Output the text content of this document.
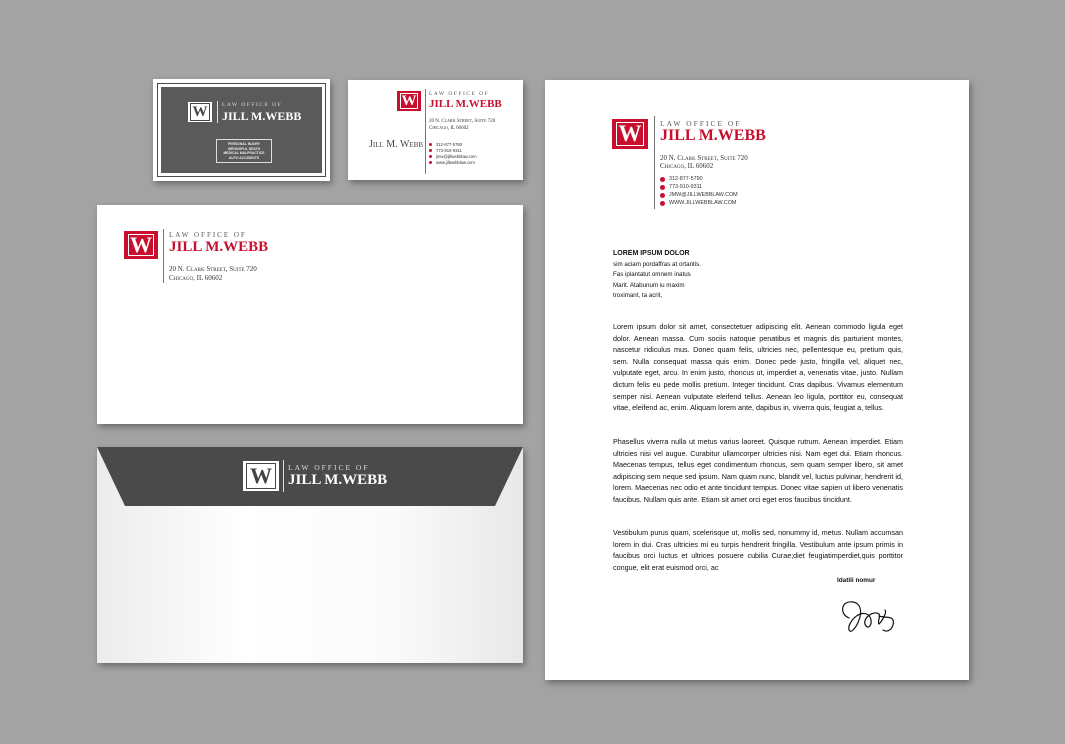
W	LAW OFFICE OF
JILL M.WEBB
PERSONAL INJURY
WRONGFUL DEATH
MEDICAL MALPRACTICE
AUTO ACCIDENTS
W LAW OFFICE OF
JILL M.WEBB
20 N. Clark Street, Suite 720
Chicago, IL 60602
Jill M. Webb	312-877-5790
773-910-9311
jmw@jillwebblaw.com
www.jillwebblaw.com
W LAW OFFICE OF
JILL M.WEBB
20 N. Clark Street, Suite 720
Chicago, IL 60602
W LAW OFFICE OF
JILL M.WEBB
W LAW OFFICE OF
JILL M.WEBB
20 N. Clark Street, Suite 720
Chicago, IL 60602
312-877-5790
773-910-9311
JMW@JILLWEBBLAW.COM
WWW.JILLWEBBLAW.COM
LOREM IPSUM DOLOR
sim aciam pordaffras at ortantis.
Fas iplantatut omnem inatus
Marit. Atabunum iu maxim
troximant, ta acrit,
Lorem ipsum dolor sit amet, consectetuer adipiscing elit. Aenean commodo ligula eget dolor. Aenean massa. Cum sociis natoque penatibus et magnis dis parturient montes, nascetur ridiculus mus. Donec quam felis, ultricies nec, pellentesque eu, pretium quis, sem. Nulla consequat massa quis enim. Donec pede justo, fringilla vel, aliquet nec, vulputate eget, arcu. In enim justo, rhoncus ut, imperdiet a, venenatis vitae, justo. Nullam dictum felis eu pede mollis pretium. Integer tincidunt. Cras dapibus. Vivamus elementum semper nisi. Aenean vulputate eleifend tellus. Aenean leo ligula, porttitor eu, consequat vitae, eleifend ac, enim. Aliquam lorem ante, dapibus in, viverra quis, feugiat a, tellus.
Phasellus viverra nulla ut metus varius laoreet. Quisque rutrum. Aenean imperdiet. Etiam ultricies nisi vel augue. Curabitur ullamcorper ultricies nisi. Nam eget dui. Etiam rhoncus. Maecenas tempus, tellus eget condimentum rhoncus, sem quam semper libero, sit amet adipiscing sem neque sed ipsum. Nam quam nunc, blandit vel, luctus pulvinar, hendrerit id, lorem. Maecenas nec odio et ante tincidunt tempus. Donec vitae sapien ut libero venenatis faucibus. Nullam quis ante. Etiam sit amet orci eget eros faucibus tincidunt.
Vestibulum purus quam, scelerisque ut, mollis sed, nonummy id, metus. Nullam accumsan lorem in dui. Cras ultricies mi eu turpis hendrerit fringilla. Vestibulum ante ipsum primis in faucibus orci luctus et ultrices posuere cubilia Curae;diet feugiatimperdiet,quis porttitor congue, elit erat euismod orci, ac
Idatili nomur
